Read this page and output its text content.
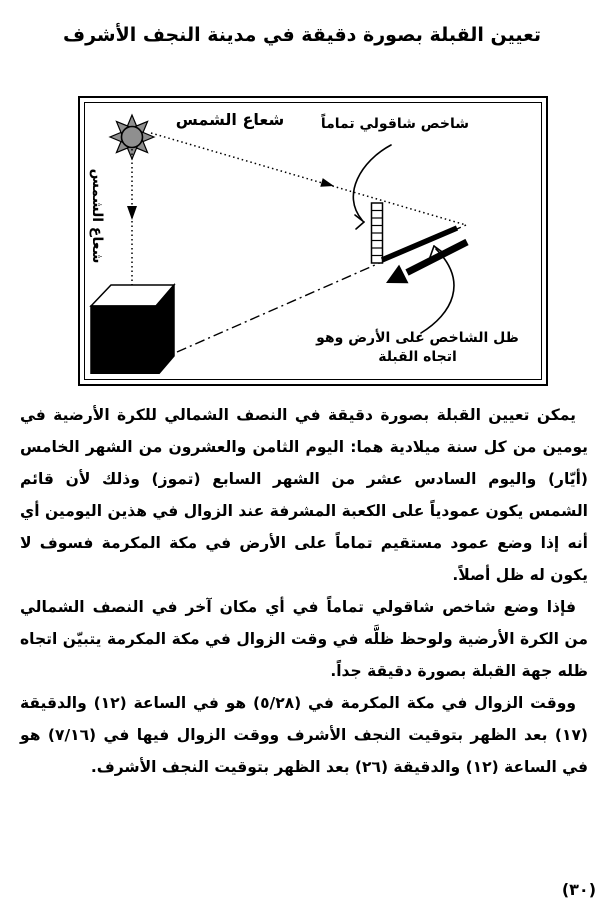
تعيين القبلة بصورة دقيقة في مدينة النجف الأشرف
شعاع الشمس	شاخص شاقولي تماماً
شعاع الشمس
ظل الشاخص على الأرض وهو اتجاه القبلة

يمكن تعيين القبلة بصورة دقيقة في النصف الشمالي للكرة الأرضية في يومين من كل سنة ميلادية هما: اليوم الثامن والعشرون من الشهر الخامس (أيّار) واليوم السادس عشر من الشهر السابع (تموز) وذلك لأن قائم الشمس يكون عمودياً على الكعبة المشرفة عند الزوال في هذين اليومين أي أنه إذا وضع عمود مستقيم تماماً على الأرض في مكة المكرمة فسوف لا يكون له ظل أصلاً.

فإذا وضع شاخص شاقولي تماماً في أي مكان آخر في النصف الشمالي من الكرة الأرضية ولوحظ ظلَّه في وقت الزوال في مكة المكرمة يتبيّن اتجاه ظله جهة القبلة بصورة دقيقة جداً.

ووقت الزوال في مكة المكرمة في (٥/٢٨) هو في الساعة (١٢) والدقيقة (١٧) بعد الظهر بتوقيت النجف الأشرف ووقت الزوال فيها في (٧/١٦) هو في الساعة (١٢) والدقيقة (٢٦) بعد الظهر بتوقيت النجف الأشرف.

(٣٠)
